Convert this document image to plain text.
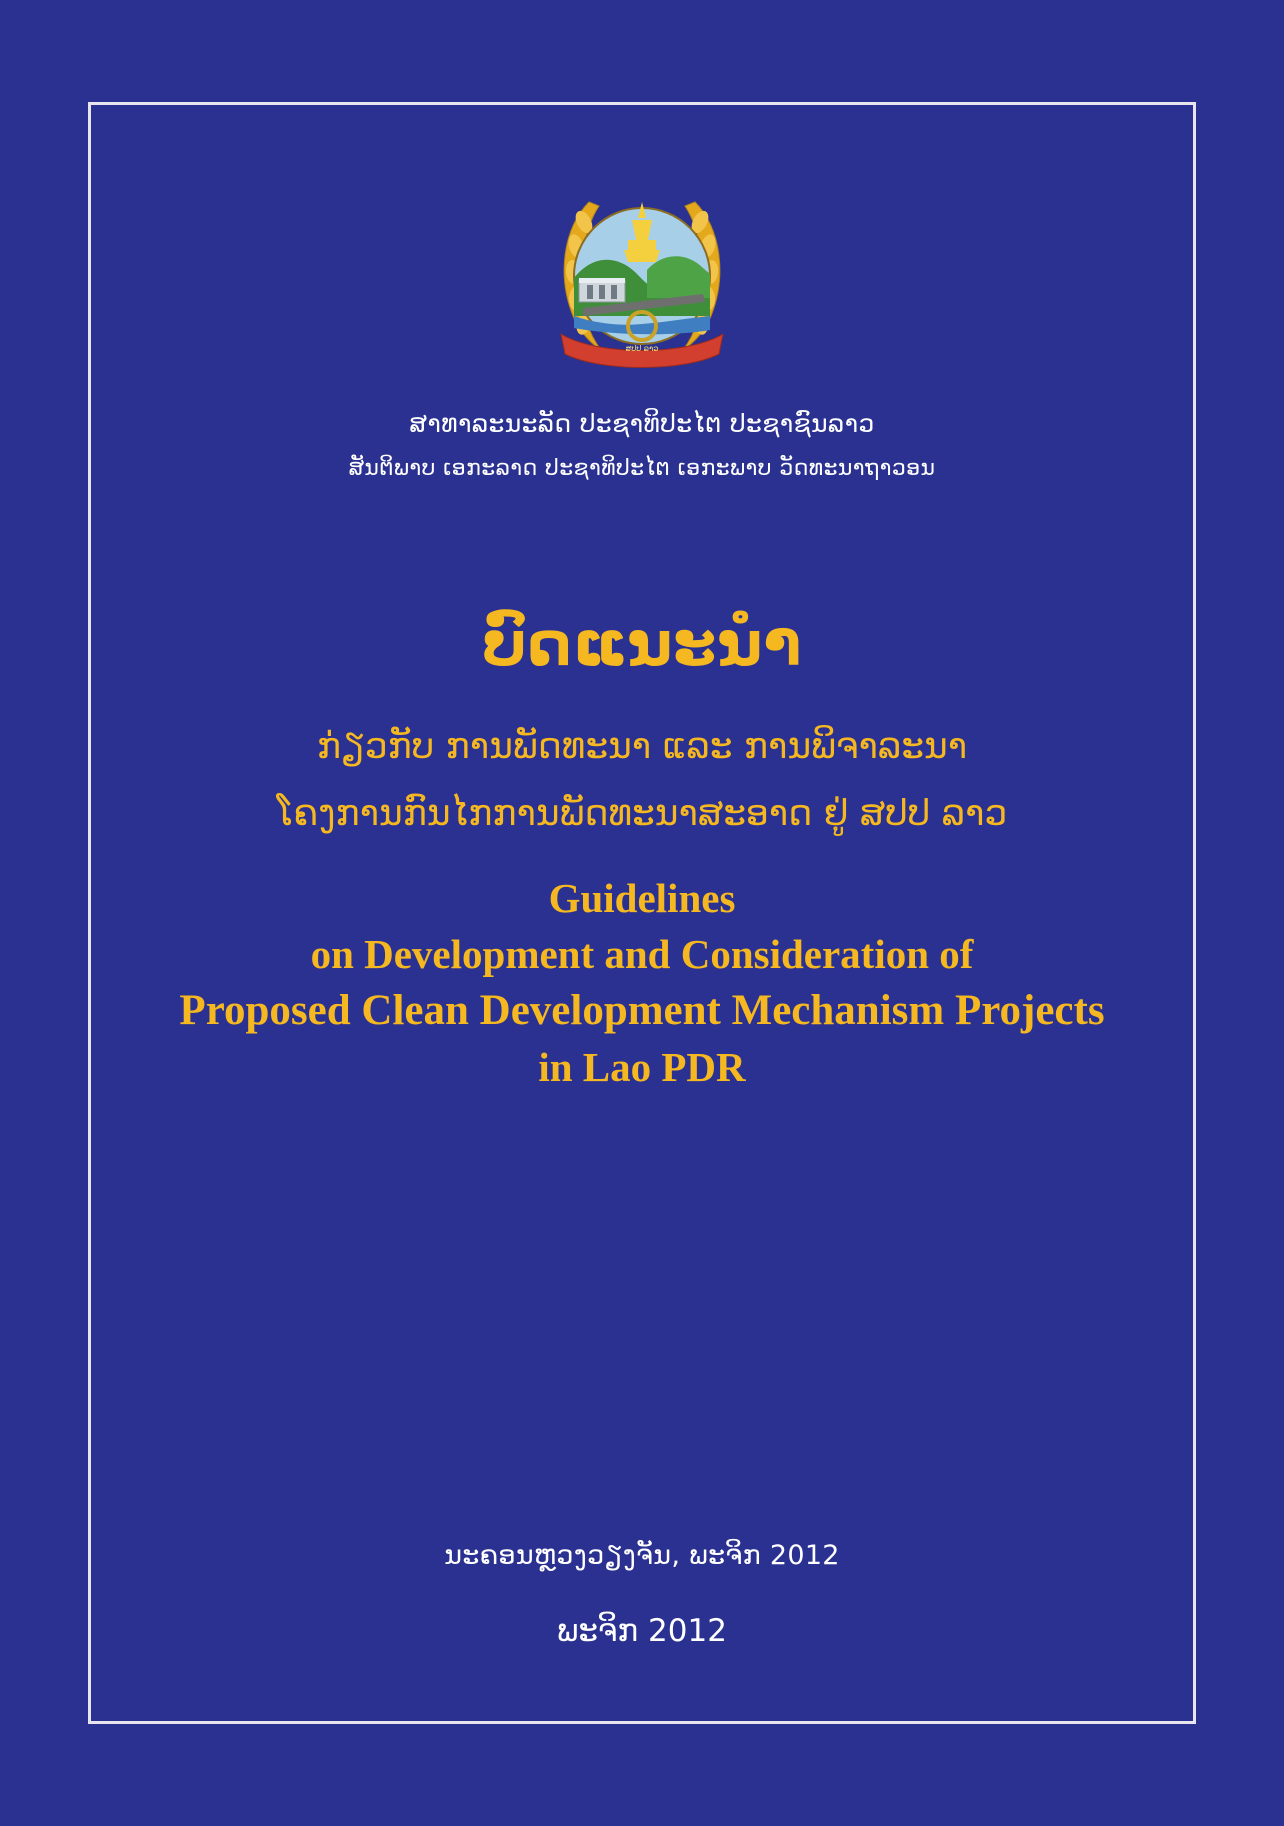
ສປປ ລາວ
ສາທາລະນະລັດ ປະຊາທິປະໄຕ ປະຊາຊົນລາວ
ສັນຕິພາບ ເອກະລາດ ປະຊາທິປະໄຕ ເອກະພາບ ວັດທະນາຖາວອນ
ບົດແນະນໍາ
ກ່ຽວກັບ ການພັດທະນາ ແລະ ການພິຈາລະນາ
ໂຄງການກົນໄກການພັດທະນາສະອາດ ຢູ່ ສປປ ລາວ
Guidelines
on Development and Consideration of
Proposed Clean Development Mechanism Projects
in Lao PDR
ນະຄອນຫຼວງວຽງຈັນ, ພະຈິກ 2012
ພະຈິກ 2012
